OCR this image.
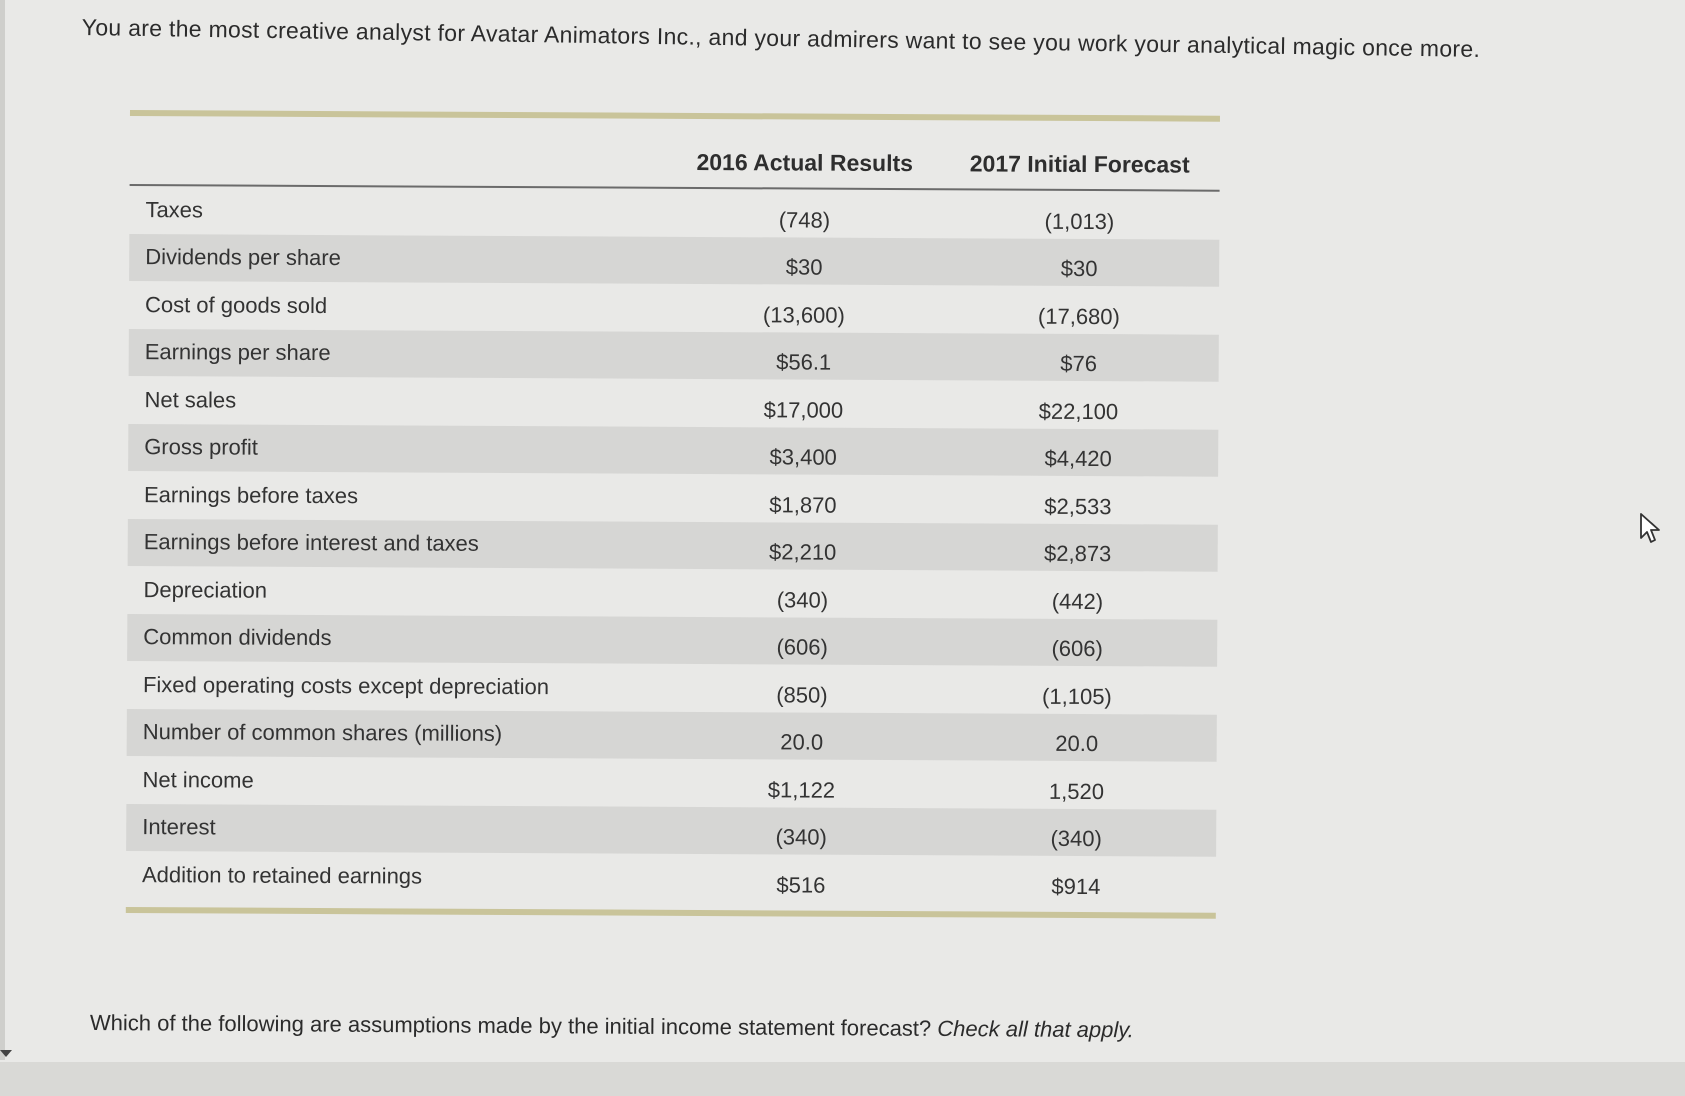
You are the most creative analyst for Avatar Animators Inc., and your admirers want to see you work your analytical magic once more.
2016 Actual Results	2017 Initial Forecast
Taxes	(748)	(1,013)
Dividends per share	$30	$30
Cost of goods sold	(13,600)	(17,680)
Earnings per share	$56.1	$76
Net sales	$17,000	$22,100
Gross profit	$3,400	$4,420
Earnings before taxes	$1,870	$2,533
Earnings before interest and taxes	$2,210	$2,873
Depreciation	(340)	(442)
Common dividends	(606)	(606)
Fixed operating costs except depreciation	(850)	(1,105)
Number of common shares (millions)	20.0	20.0
Net income	$1,122	1,520
Interest	(340)	(340)
Addition to retained earnings	$516	$914
Which of the following are assumptions made by the initial income statement forecast? Check all that apply.
